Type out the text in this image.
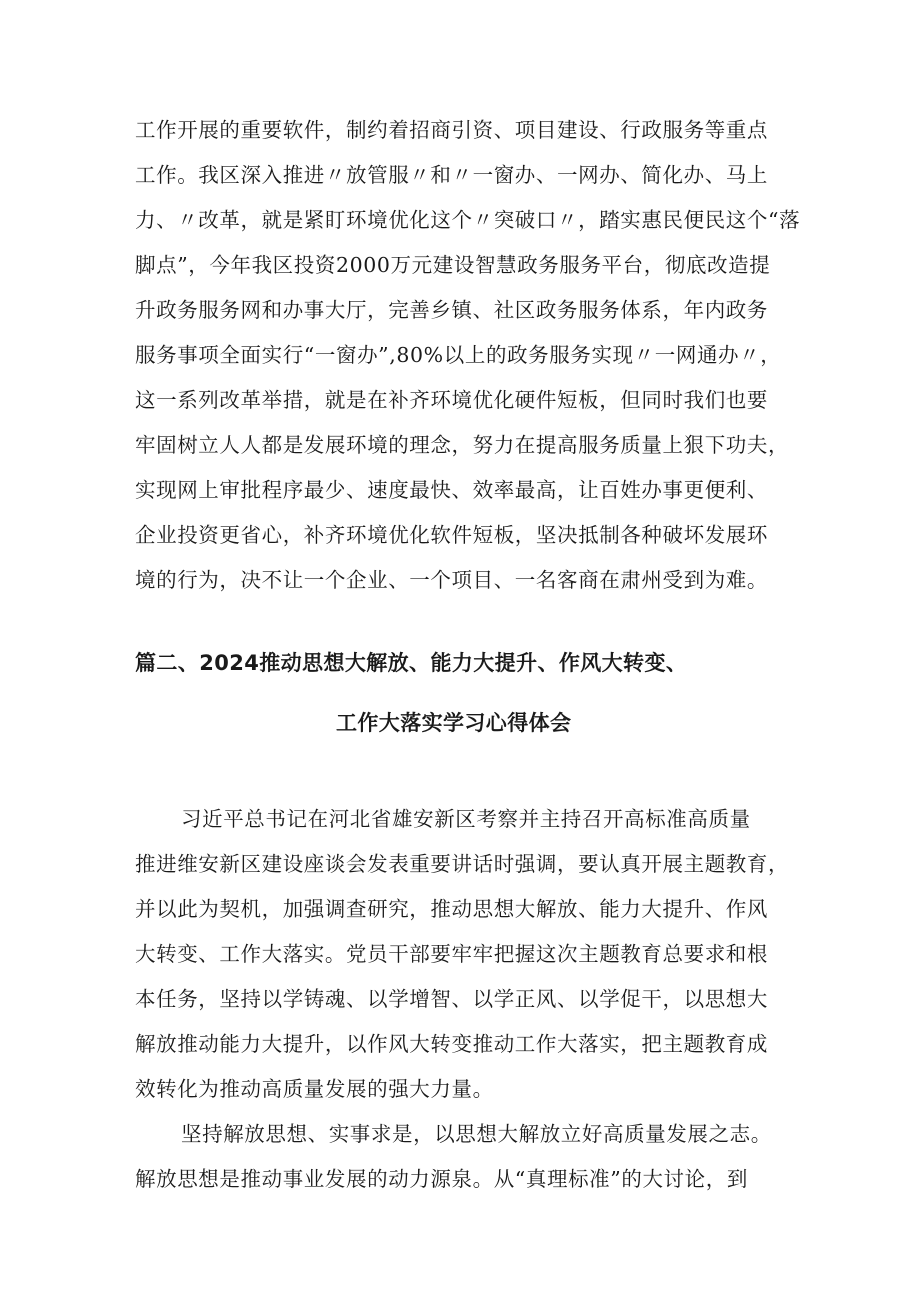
工作开展的重要软件，制约着招商引资、项目建设、行政服务等重点
工作。我区深入推进〃放管服〃和〃一窗办、一网办、简化办、马上
力、〃改革，就是紧盯环境优化这个〃突破口〃，踏实惠民便民这个“落
脚点”，今年我区投资2000万元建设智慧政务服务平台，彻底改造提
升政务服务网和办事大厅，完善乡镇、社区政务服务体系，年内政务
服务事项全面实行“一窗办”,80%以上的政务服务实现〃一网通办〃，
这一系列改革举措，就是在补齐环境优化硬件短板，但同时我们也要
牢固树立人人都是发展环境的理念，努力在提高服务质量上狠下功夫，
实现网上审批程序最少、速度最快、效率最高，让百姓办事更便利、
企业投资更省心，补齐环境优化软件短板，坚决抵制各种破坏发展环
境的行为，决不让一个企业、一个项目、一名客商在肃州受到为难。
篇二、2024推动思想大解放、能力大提升、作风大转变、
工作大落实学习心得体会
习近平总书记在河北省雄安新区考察并主持召开高标准高质量
推进维安新区建设座谈会发表重要讲话时强调，要认真开展主题教育，
并以此为契机，加强调查研究，推动思想大解放、能力大提升、作风
大转变、工作大落实。党员干部要牢牢把握这次主题教育总要求和根
本任务，坚持以学铸魂、以学增智、以学正风、以学促干，以思想大
解放推动能力大提升，以作风大转变推动工作大落实，把主题教育成
效转化为推动高质量发展的强大力量。
坚持解放思想、实事求是，以思想大解放立好高质量发展之志。
解放思想是推动事业发展的动力源泉。从“真理标准”的大讨论，到
